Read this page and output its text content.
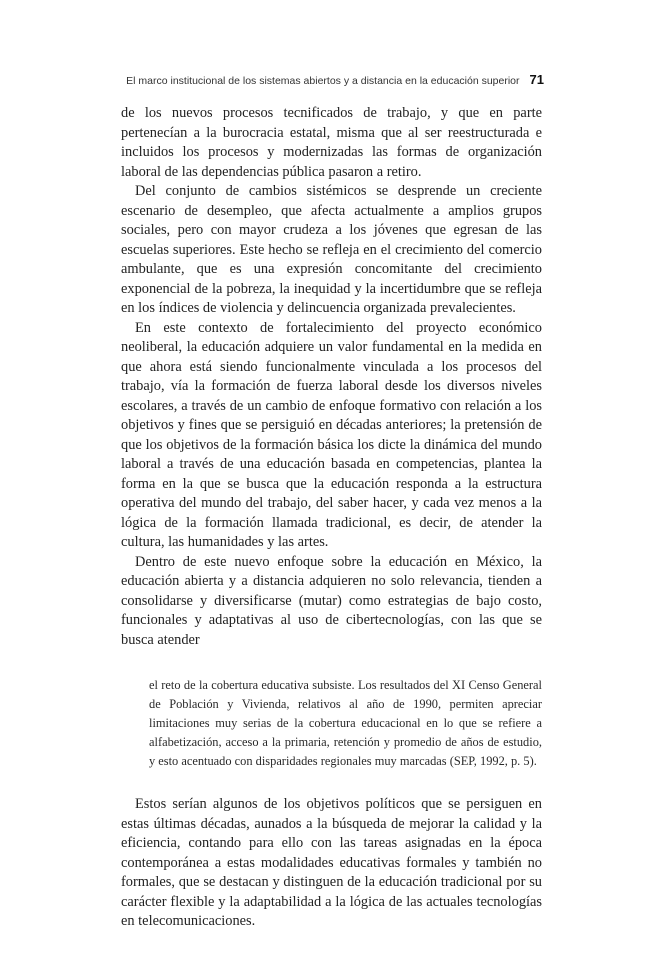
El marco institucional de los sistemas abiertos y a distancia en la educación superior 71

de los nuevos procesos tecnificados de trabajo, y que en parte pertenecían a la burocracia estatal, misma que al ser reestructurada e incluidos los procesos y modernizadas las formas de organización laboral de las dependencias pública pasaron a retiro.

Del conjunto de cambios sistémicos se desprende un creciente escenario de desempleo, que afecta actualmente a amplios grupos sociales, pero con mayor crudeza a los jóvenes que egresan de las escuelas superiores. Este hecho se refleja en el crecimiento del comercio ambulante, que es una expresión concomitante del crecimiento exponencial de la pobreza, la inequidad y la incertidumbre que se refleja en los índices de violencia y delincuencia organizada prevalecientes.

En este contexto de fortalecimiento del proyecto económico neoliberal, la educación adquiere un valor fundamental en la medida en que ahora está siendo funcionalmente vinculada a los procesos del trabajo, vía la formación de fuerza laboral desde los diversos niveles escolares, a través de un cambio de enfoque formativo con relación a los objetivos y fines que se persiguió en décadas anteriores; la pretensión de que los objetivos de la formación básica los dicte la dinámica del mundo laboral a través de una educación basada en competencias, plantea la forma en la que se busca que la educación responda a la estructura operativa del mundo del trabajo, del saber hacer, y cada vez menos a la lógica de la formación llamada tradicional, es decir, de atender la cultura, las humanidades y las artes.

Dentro de este nuevo enfoque sobre la educación en México, la educación abierta y a distancia adquieren no solo relevancia, tienden a consolidarse y diversificarse (mutar) como estrategias de bajo costo, funcionales y adaptativas al uso de cibertecnologías, con las que se busca atender

el reto de la cobertura educativa subsiste. Los resultados del XI Censo General de Población y Vivienda, relativos al año de 1990, permiten apreciar limitaciones muy serias de la cobertura educacional en lo que se refiere a alfabetización, acceso a la primaria, retención y promedio de años de estudio, y esto acentuado con disparidades regionales muy marcadas (SEP, 1992, p. 5).

Estos serían algunos de los objetivos políticos que se persiguen en estas últimas décadas, aunados a la búsqueda de mejorar la calidad y la eficiencia, contando para ello con las tareas asignadas en la época contemporánea a estas modalidades educativas formales y también no formales, que se destacan y distinguen de la educación tradicional por su carácter flexible y la adaptabilidad a la lógica de las actuales tecnologías en telecomunicaciones.
